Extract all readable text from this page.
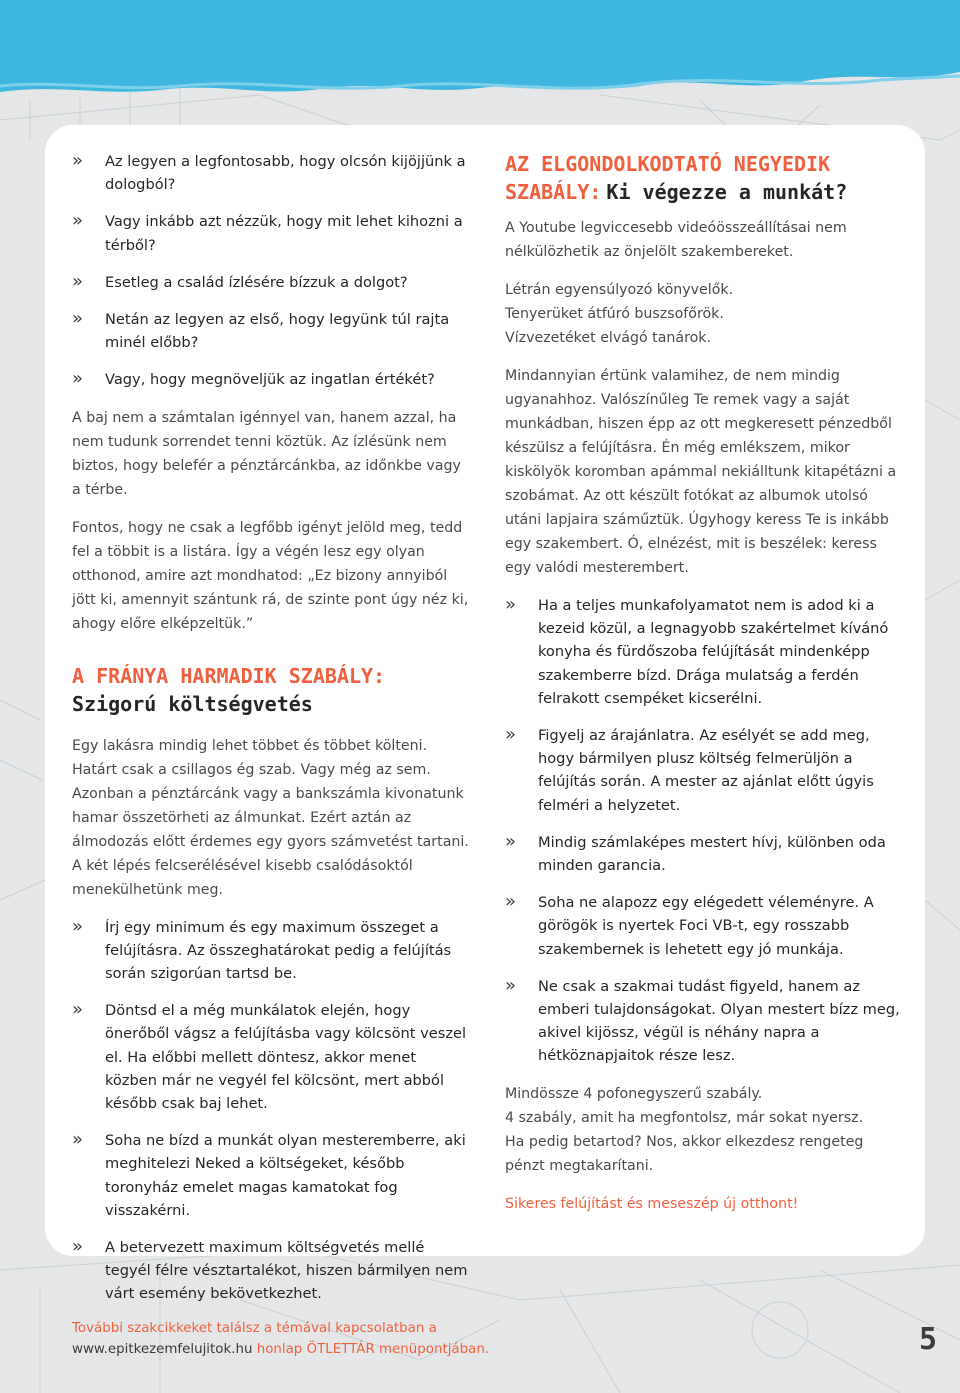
» Az legyen a legfontosabb, hogy olcsón kijöjjünk a dologból?
» Vagy inkább azt nézzük, hogy mit lehet kihozni a térből?
» Esetleg a család ízlésére bízzuk a dolgot?
» Netán az legyen az első, hogy legyünk túl rajta minél előbb?
» Vagy, hogy megnöveljük az ingatlan értékét?

A baj nem a számtalan igénnyel van, hanem azzal, ha nem tudunk sorrendet tenni köztük. Az ízlésünk nem biztos, hogy belefér a pénztárcánkba, az időnkbe vagy a térbe.

Fontos, hogy ne csak a legfőbb igényt jelöld meg, tedd fel a többit is a listára. Így a végén lesz egy olyan otthonod, amire azt mondhatod: „Ez bizony annyiból jött ki, amennyit szántunk rá, de szinte pont úgy néz ki, ahogy előre elképzeltük.”

A FRÁNYA HARMADIK SZABÁLY:
Szigorú költségvetés

Egy lakásra mindig lehet többet és többet költeni. Határt csak a csillagos ég szab. Vagy még az sem. Azonban a pénztárcánk vagy a bankszámla kivonatunk hamar összetörheti az álmunkat. Ezért aztán az álmodozás előtt érdemes egy gyors számvetést tartani. A két lépés felcserélésével kisebb csalódásoktól menekülhetünk meg.

» Írj egy minimum és egy maximum összeget a felújításra. Az összeghatárokat pedig a felújítás során szigorúan tartsd be.
» Döntsd el a még munkálatok elején, hogy önerőből vágsz a felújításba vagy kölcsönt veszel el. Ha előbbi mellett döntesz, akkor menet közben már ne vegyél fel kölcsönt, mert abból később csak baj lehet.
» Soha ne bízd a munkát olyan mesteremberre, aki meghitelezi Neked a költségeket, később toronyház emelet magas kamatokat fog visszakérni.
» A betervezett maximum költségvetés mellé tegyél félre vésztartalékot, hiszen bármilyen nem várt esemény bekövetkezhet.
AZ ELGONDOLKODTATÓ NEGYEDIK SZABÁLY: Ki végezze a munkát?

A Youtube legviccesebb videóösszeállításai nem nélkülözhetik az önjelölt szakembereket.

Létrán egyensúlyozó könyvelők.
Tenyerüket átfúró buszsofőrök.
Vízvezetéket elvágó tanárok.

Mindannyian értünk valamihez, de nem mindig ugyanahhoz. Valószínűleg Te remek vagy a saját munkádban, hiszen épp az ott megkeresett pénzedből készülsz a felújításra. Én még emlékszem, mikor kiskölyök koromban apámmal nekiálltunk kitapétázni a szobámat. Az ott készült fotókat az albumok utolsó utáni lapjaira száműztük. Úgyhogy keress Te is inkább egy szakembert. Ó, elnézést, mit is beszélek: keress egy valódi mesterembert.

» Ha a teljes munkafolyamatot nem is adod ki a kezeid közül, a legnagyobb szakértelmet kívánó konyha és fürdőszoba felújítását mindenképp szakemberre bízd. Drága mulatság a ferdén felrakott csempéket kicserélni.
» Figyelj az árajánlatra. Az esélyét se add meg, hogy bármilyen plusz költség felmerüljön a felújítás során. A mester az ajánlat előtt úgyis felméri a helyzetet.
» Mindig számlaképes mestert hívj, különben oda minden garancia.
» Soha ne alapozz egy elégedett véleményre. A görögök is nyertek Foci VB-t, egy rosszabb szakembernek is lehetett egy jó munkája.
» Ne csak a szakmai tudást figyeld, hanem az emberi tulajdonságokat. Olyan mestert bízz meg, akivel kijössz, végül is néhány napra a hétköznapjaitok része lesz.
Mindössze 4 pofonegyszerű szabály.
4 szabály, amit ha megfontolsz, már sokat nyersz.
Ha pedig betartod? Nos, akkor elkezdesz rengeteg pénzt megtakarítani.

Sikeres felújítást és meseszép új otthont!

További szakcikkeket találsz a témával kapcsolatban a
www.epitkezemfelujitok.hu honlap ÖTLETTÁR menüpontjában.	5
